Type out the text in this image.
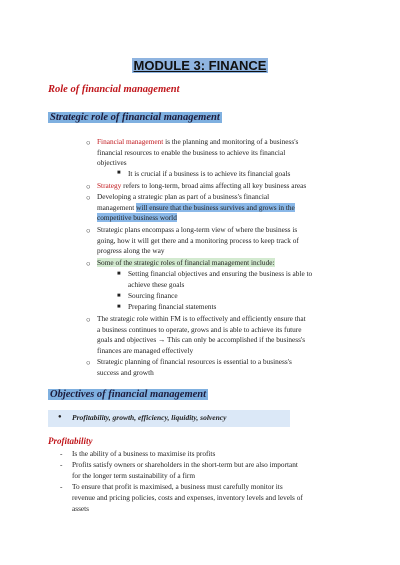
MODULE 3: FINANCE
Role of financial management
Strategic role of financial management
○ Financial management is the planning and monitoring of a business's
financial resources to enable the business to achieve its financial
objectives
■ It is crucial if a business is to achieve its financial goals
○ Strategy refers to long-term, broad aims affecting all key business areas
○ Developing a strategic plan as part of a business's financial
management will ensure that the business survives and grows in the
competitive business world
○ Strategic plans encompass a long-term view of where the business is
going, how it will get there and a monitoring process to keep track of
progress along the way
○ Some of the strategic roles of financial management include:
■ Setting financial objectives and ensuring the business is able to
achieve these goals
■ Sourcing finance
■ Preparing financial statements
○ The strategic role within FM is to effectively and efficiently ensure that
a business continues to operate, grows and is able to achieve its future
goals and objectives → This can only be accomplished if the business's
finances are managed effectively
○ Strategic planning of financial resources is essential to a business's
success and growth
Objectives of financial management
● Profitability, growth, efficiency, liquidity, solvency
Profitability
- Is the ability of a business to maximise its profits
- Profits satisfy owners or shareholders in the short-term but are also important
for the longer term sustainability of a firm
- To ensure that profit is maximised, a business must carefully monitor its
revenue and pricing policies, costs and expenses, inventory levels and levels of
assets
